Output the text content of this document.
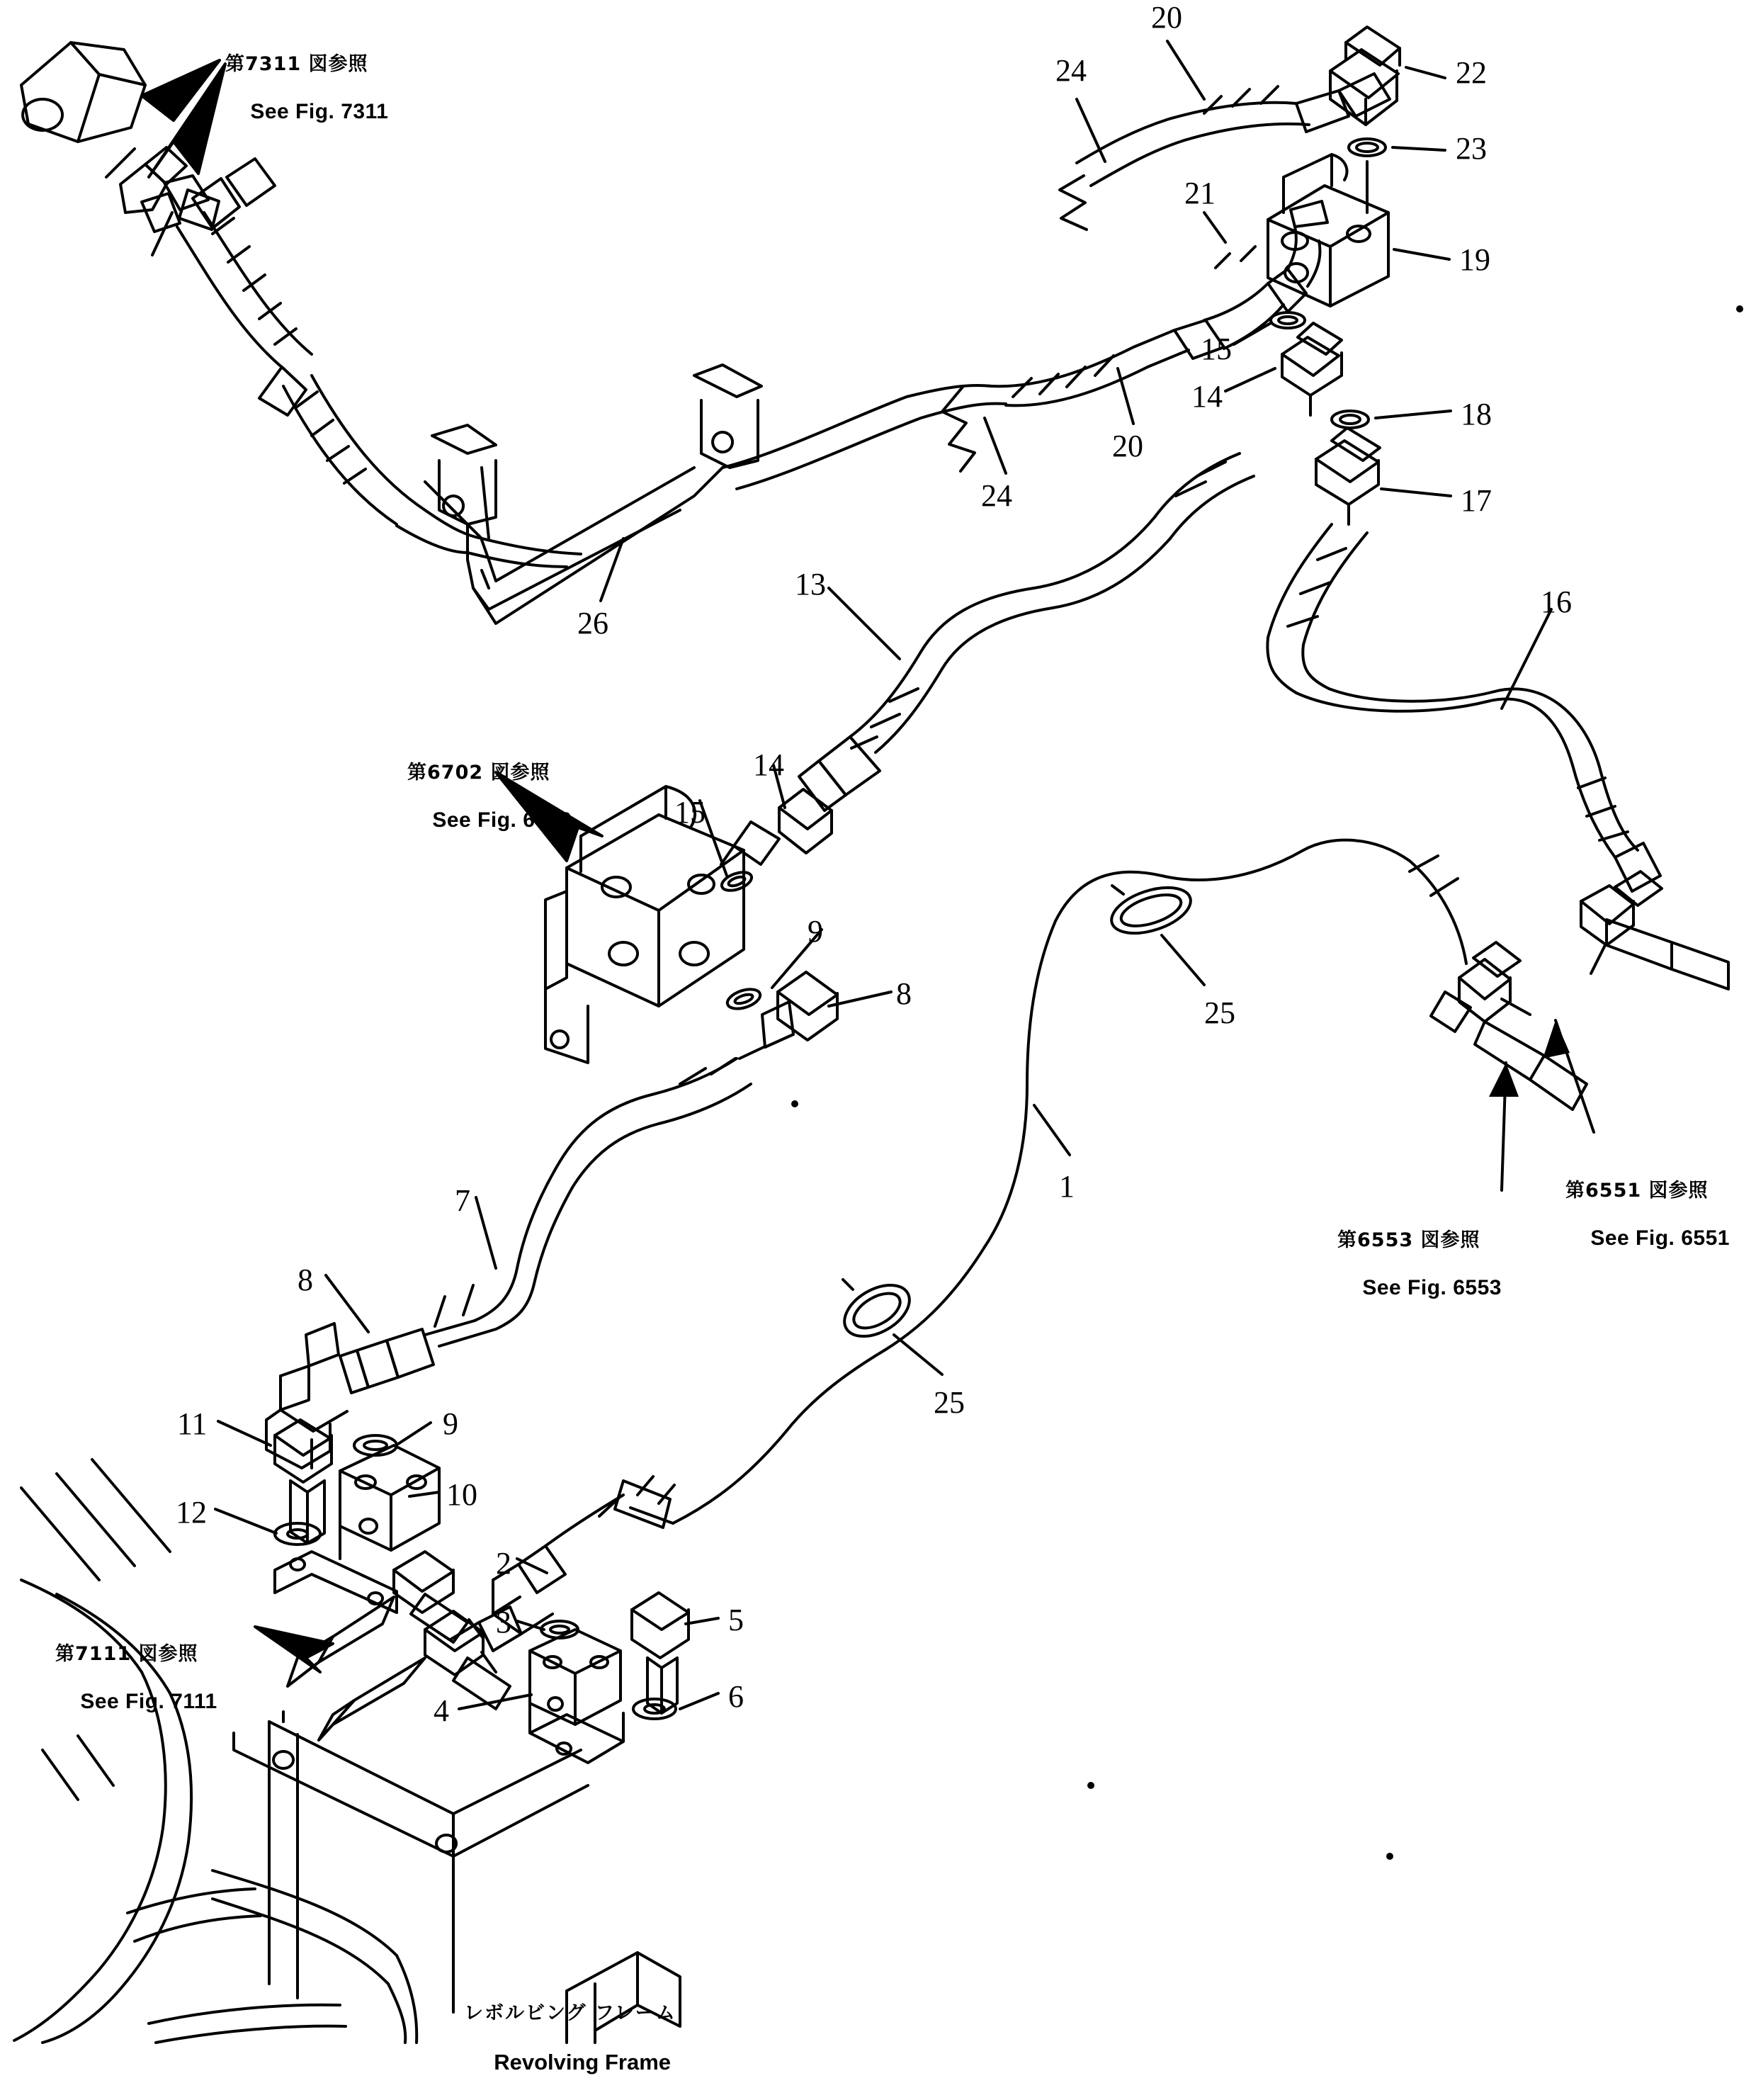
第7311 図参照

See Fig. 7311

第6702 図参照

See Fig. 6702

第6553 図参照

See Fig. 6553

第6551 図参照

See Fig. 6551

第7111 図参照

See Fig. 7111

レボルビング フレーム

Revolving Frame

20
24	22
23
21
19
15
14
18
20
17
24
26
13
16
14
15
9
8
25
1
7
8
25
11	9
10
12
2
3	5
6
4
